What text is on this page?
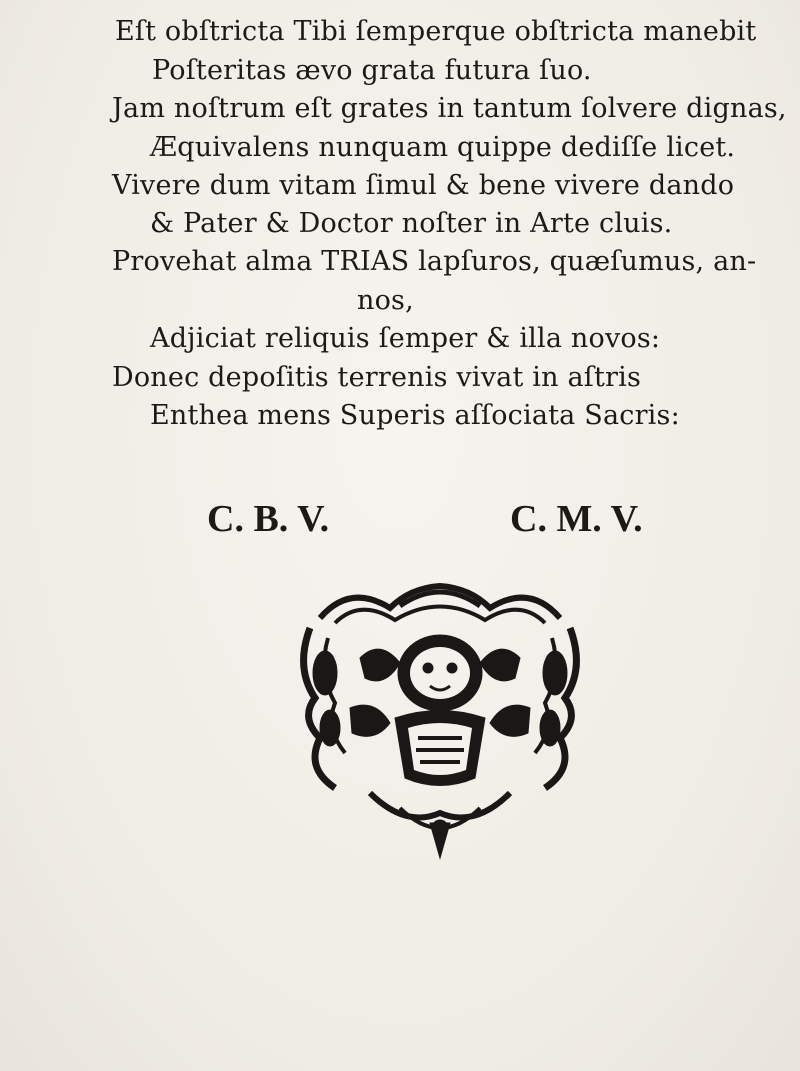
Eſt obſtricta Tibi ſemperque obſtricta manebit
Poſteritas ævo grata futura ſuo.
Jam noſtrum eſt grates in tantum ſolvere dignas,
Æquivalens nunquam quippe dediſſe licet.
Vivere dum vitam ſimul & bene vivere dando
& Pater & Doctor noſter in Arte cluis.
Provehat alma TRIAS lapſuros, quæſumus, an-
nos,
Adjiciat reliquis ſemper & illa novos:
Donec depoſitis terrenis vivat in aſtris
Enthea mens Superis aſſociata Sacris:
C. B. V.	C. M. V.
